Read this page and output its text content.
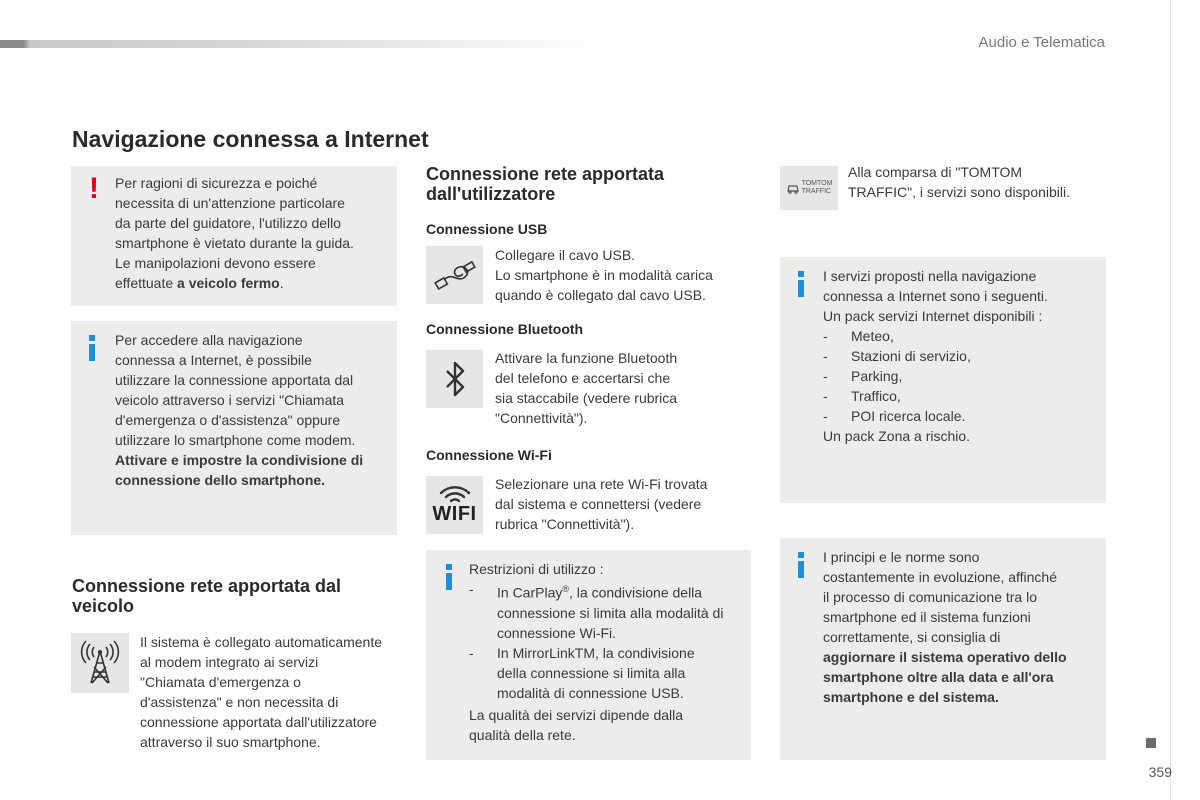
Audio e Telematica
Navigazione connessa a Internet
! Per ragioni di sicurezza e poiché
necessita di un'attenzione particolare
da parte del guidatore, l'utilizzo dello
smartphone è vietato durante la guida.
Le manipolazioni devono essere
effettuate a veicolo fermo.
Per accedere alla navigazione
connessa a Internet, è possibile
utilizzare la connessione apportata dal
veicolo attraverso i servizi "Chiamata
d'emergenza o d'assistenza" oppure
utilizzare lo smartphone come modem.
Attivare e impostre la condivisione di
connessione dello smartphone.
Connessione rete apportata dal veicolo
Il sistema è collegato automaticamente
al modem integrato ai servizi
"Chiamata d'emergenza o
d'assistenza" e non necessita di
connessione apportata dall'utilizzatore
attraverso il suo smartphone.
Connessione rete apportata dall'utilizzatore
Connessione USB
Collegare il cavo USB.
Lo smartphone è in modalità carica
quando è collegato dal cavo USB.
Connessione Bluetooth
Attivare la funzione Bluetooth
del telefono e accertarsi che
sia staccabile (vedere rubrica
"Connettività").
Connessione Wi-Fi
WIFI
Selezionare una rete Wi-Fi trovata
dal sistema e connettersi (vedere
rubrica "Connettività").
Restrizioni di utilizzo :
- In CarPlay®, la condivisione della
connessione si limita alla modalità di
connessione Wi-Fi.
- In MirrorLinkTM, la condivisione
della connessione si limita alla
modalità di connessione USB.
La qualità dei servizi dipende dalla
qualità della rete.
TOMTOM
TRAFFIC
Alla comparsa di "TOMTOM
TRAFFIC", i servizi sono disponibili.
I servizi proposti nella navigazione
connessa a Internet sono i seguenti.
Un pack servizi Internet disponibili :
- Meteo,
- Stazioni di servizio,
- Parking,
- Traffico,
- POI ricerca locale.
Un pack Zona a rischio.
I principi e le norme sono
costantemente in evoluzione, affinché
il processo di comunicazione tra lo
smartphone ed il sistema funzioni
correttamente, si consiglia di
aggiornare il sistema operativo dello
smartphone oltre alla data e all'ora
smartphone e del sistema.
359
